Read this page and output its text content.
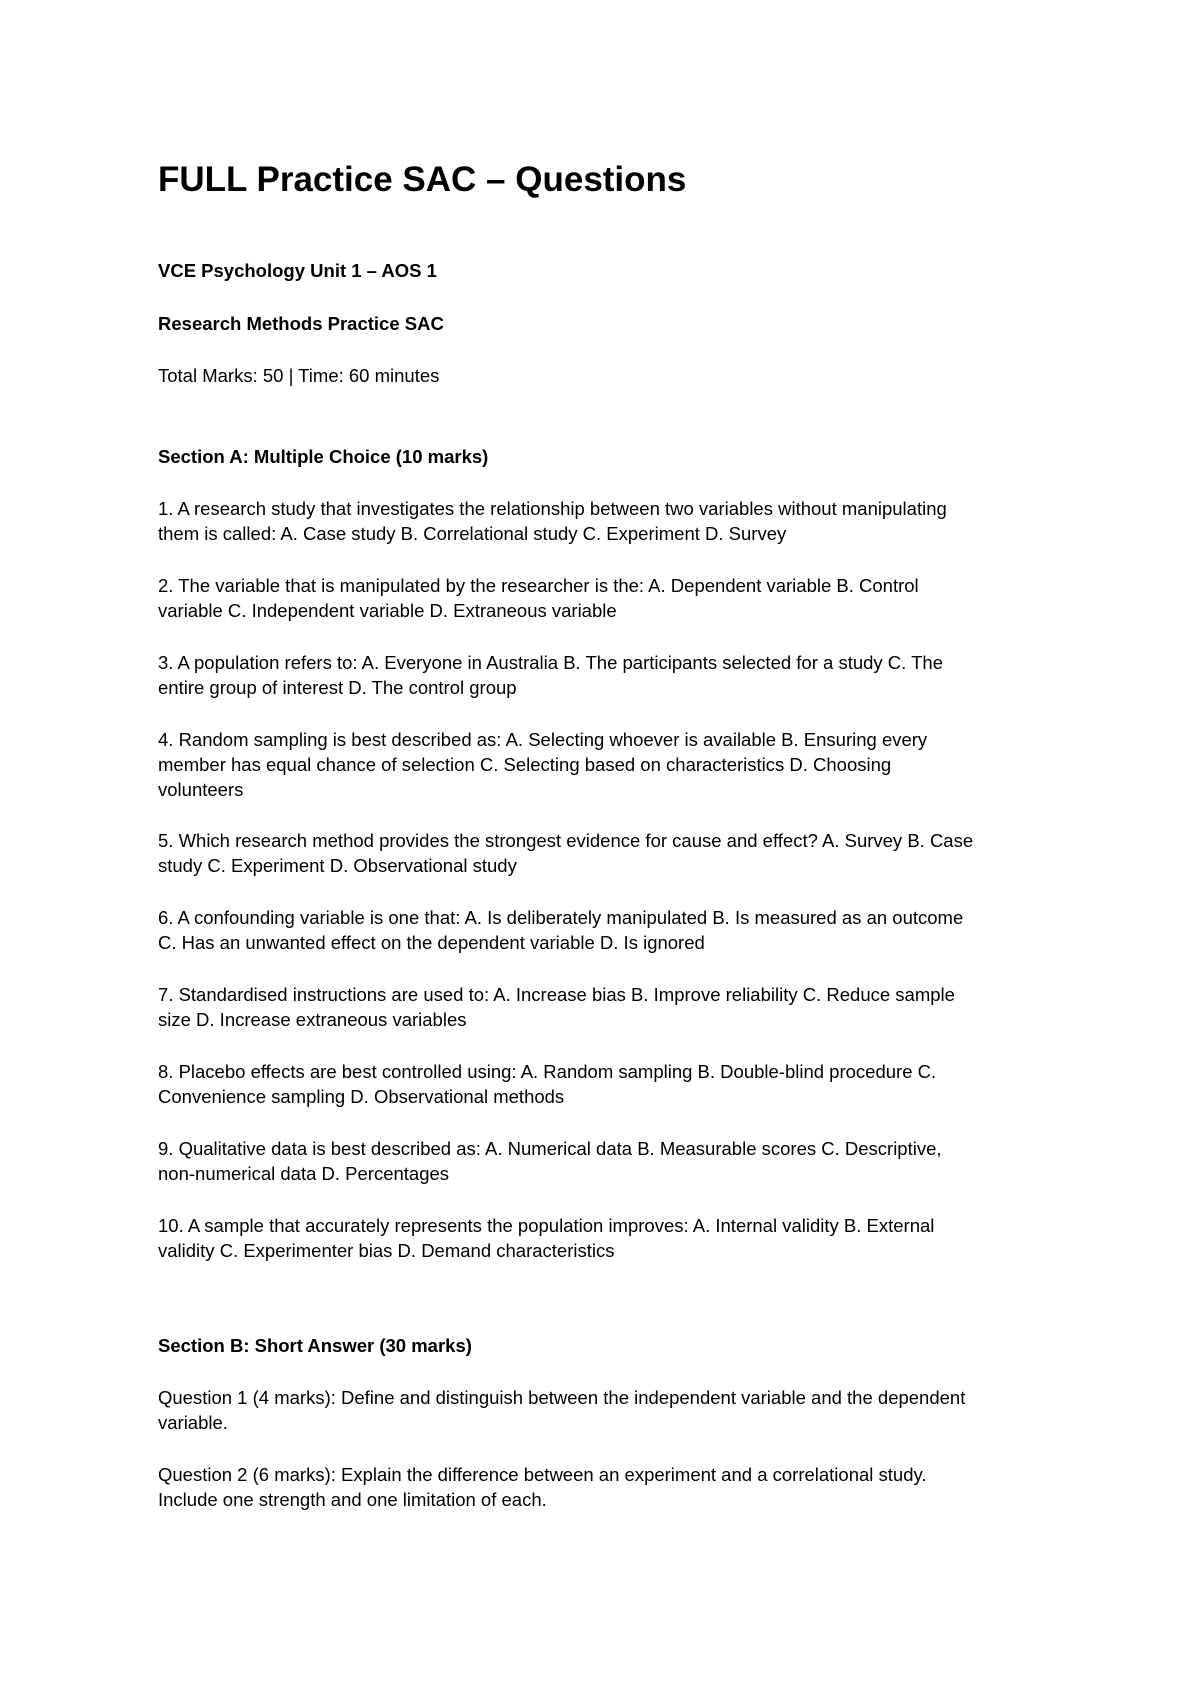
FULL Practice SAC – Questions

VCE Psychology Unit 1 – AOS 1

Research Methods Practice SAC

Total Marks: 50 | Time: 60 minutes

Section A: Multiple Choice (10 marks)

1. A research study that investigates the relationship between two variables without manipulating
them is called: A. Case study B. Correlational study C. Experiment D. Survey
2. The variable that is manipulated by the researcher is the: A. Dependent variable B. Control
variable C. Independent variable D. Extraneous variable
3. A population refers to: A. Everyone in Australia B. The participants selected for a study C. The
entire group of interest D. The control group
4. Random sampling is best described as: A. Selecting whoever is available B. Ensuring every
member has equal chance of selection C. Selecting based on characteristics D. Choosing
volunteers
5. Which research method provides the strongest evidence for cause and effect? A. Survey B. Case
study C. Experiment D. Observational study
6. A confounding variable is one that: A. Is deliberately manipulated B. Is measured as an outcome
C. Has an unwanted effect on the dependent variable D. Is ignored
7. Standardised instructions are used to: A. Increase bias B. Improve reliability C. Reduce sample
size D. Increase extraneous variables
8. Placebo effects are best controlled using: A. Random sampling B. Double-blind procedure C.
Convenience sampling D. Observational methods
9. Qualitative data is best described as: A. Numerical data B. Measurable scores C. Descriptive,
non-numerical data D. Percentages
10. A sample that accurately represents the population improves: A. Internal validity B. External
validity C. Experimenter bias D. Demand characteristics

Section B: Short Answer (30 marks)

Question 1 (4 marks): Define and distinguish between the independent variable and the dependent
variable.
Question 2 (6 marks): Explain the difference between an experiment and a correlational study.
Include one strength and one limitation of each.
